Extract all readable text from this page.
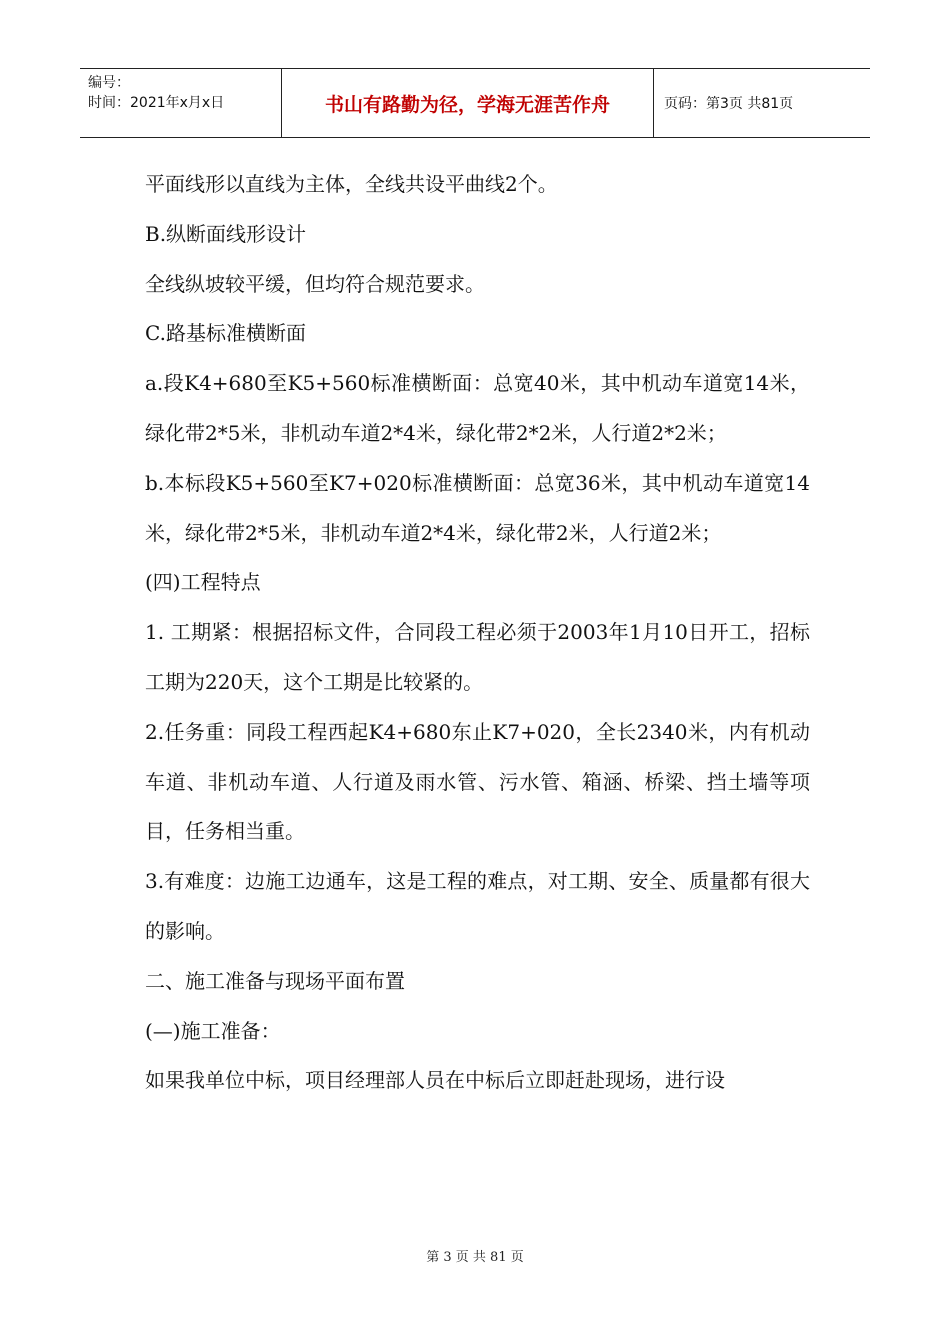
编号：
时间：2021年x月x日	书山有路勤为径，学海无涯苦作舟	页码：第3页 共81页

平面线形以直线为主体，全线共设平曲线2个。

B.纵断面线形设计

全线纵坡较平缓，但均符合规范要求。

C.路基标准横断面

a.段K4+680至K5+560标准横断面：总宽40米，其中机动车道宽14米，绿化带2*5米，非机动车道2*4米，绿化带2*2米，人行道2*2米；

b.本标段K5+560至K7+020标准横断面：总宽36米，其中机动车道宽14米，绿化带2*5米，非机动车道2*4米，绿化带2米，人行道2米；

(四)工程特点

1. 工期紧：根据招标文件，合同段工程必须于2003年1月10日开工，招标工期为220天，这个工期是比较紧的。

2.任务重：同段工程西起K4+680东止K7+020，全长2340米，内有机动车道、非机动车道、人行道及雨水管、污水管、箱涵、桥梁、挡土墙等项目，任务相当重。

3.有难度：边施工边通车，这是工程的难点，对工期、安全、质量都有很大的影响。

二、施工准备与现场平面布置

(—)施工准备：

如果我单位中标，项目经理部人员在中标后立即赶赴现场，进行设

第 3 页 共 81 页
